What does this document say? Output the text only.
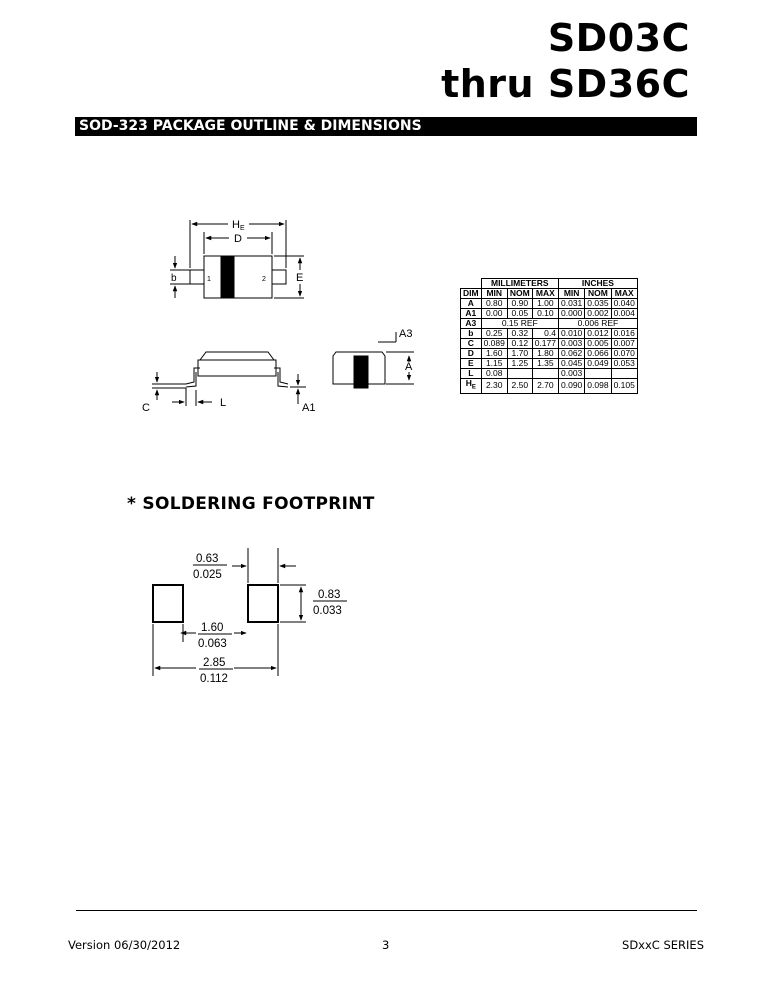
SD03C
thru SD36C
SOD-323 PACKAGE OUTLINE & DIMENSIONS
1	2
HE
D
b	E
C	L	A1
A3
A
	MILLIMETERS			INCHES		
DIM	MIN	NOM	MAX	MIN	NOM	MAX
A	0.80	0.90	1.00	0.031	0.035	0.040
A1	0.00	0.05	0.10	0.000	0.002	0.004
A3	0.15 REF			0.006 REF		
b	0.25	0.32	0.4	0.010	0.012	0.016
C	0.089	0.12	0.177	0.003	0.005	0.007
D	1.60	1.70	1.80	0.062	0.066	0.070
E	1.15	1.25	1.35	0.045	0.049	0.053
L	0.08			0.003		
$H_E$	2.30	2.50	2.70	0.090	0.098	0.105
* SOLDERING FOOTPRINT
0.63
0.025
0.83
0.033
1.60
0.063
2.85
0.112
Version 06/30/2012	3	SDxxC SERIES
